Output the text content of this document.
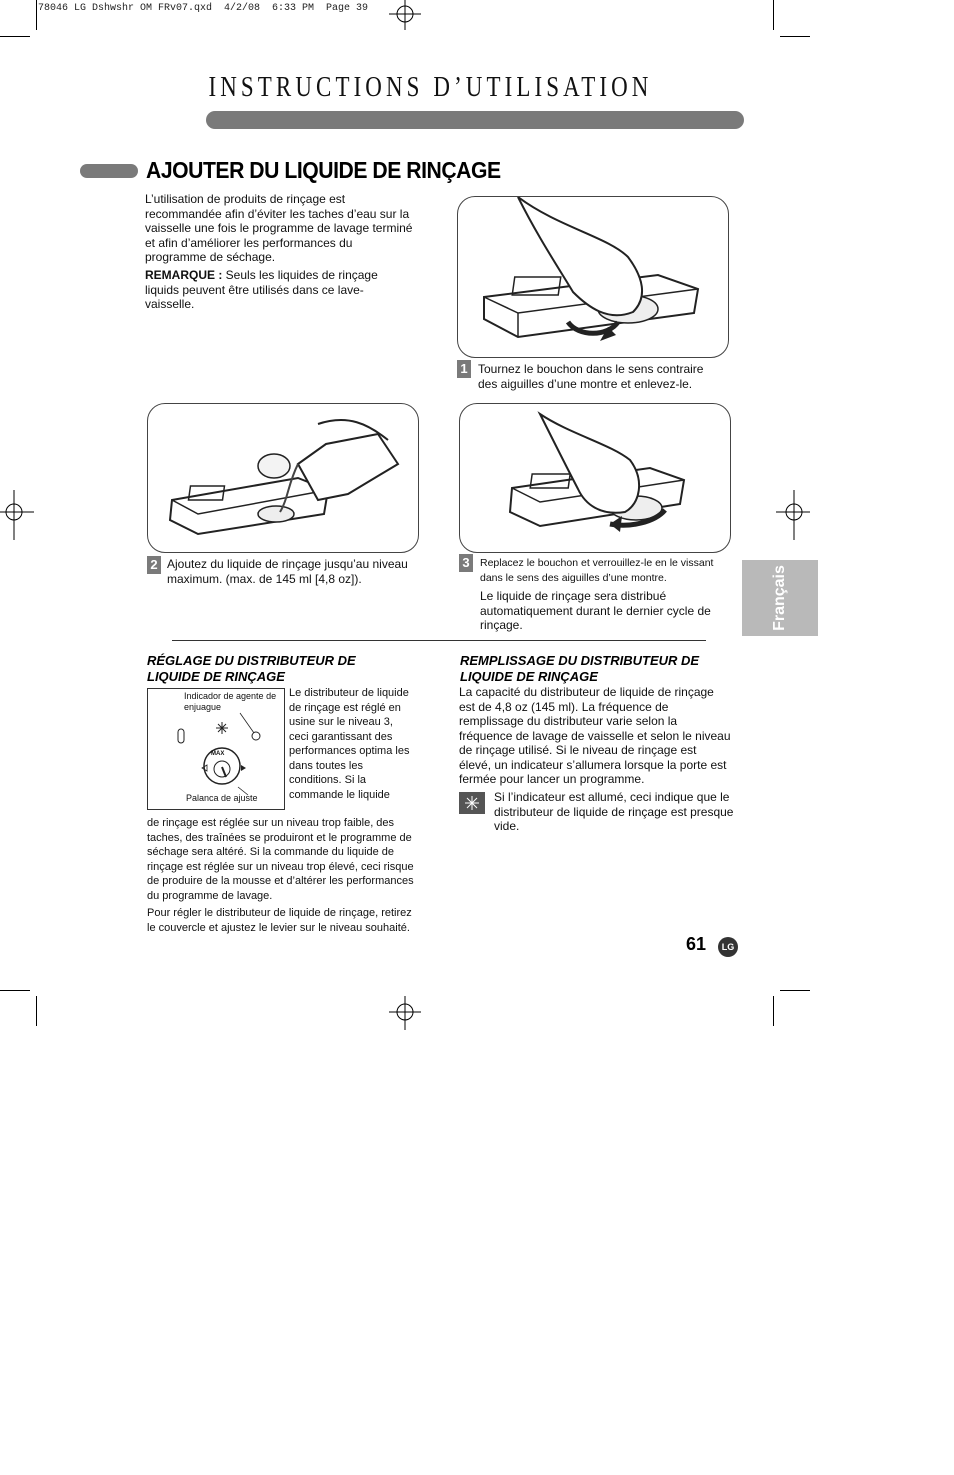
78046 LG Dshwshr OM FRv07.qxd  4/2/08  6:33 PM  Page 39
INSTRUCTIONS D’UTILISATION
AJOUTER DU LIQUIDE DE RINÇAGE
L’utilisation de produits de rinçage est recommandée afin d’éviter les taches d’eau sur la vaisselle une fois le programme de lavage terminé et afin d’améliorer les performances du programme de séchage.
REMARQUE : Seuls les liquides de rinçage liquids peuvent être utilisés dans ce lave-vaisselle.
1 Tournez le bouchon dans le sens contraire des aiguilles d’une montre et enlevez-le.
2 Ajoutez du liquide de rinçage jusqu’au niveau maximum. (max. de 145 ml [4,8 oz]).
3 Replacez le bouchon et verrouillez-le en le vissant dans le sens des aiguilles d’une montre.
Le liquide de rinçage sera distribué automatiquement durant le dernier cycle de rinçage.	Français
RÉGLAGE DU DISTRIBUTEUR DE LIQUIDE DE RINÇAGE
Indicador de agente de enjuague
MAX
Palanca de ajuste
Le distributeur de liquide de rinçage est réglé en usine sur le niveau 3, ceci garantissant des performances optima les dans toutes les conditions. Si la commande le liquide
de rinçage est réglée sur un niveau trop faible, des taches, des traînées se produiront et le programme de séchage sera altéré. Si la commande du liquide de rinçage est réglée sur un niveau trop élevé, ceci risque de produire de la mousse et d’altérer les performances du programme de lavage.
Pour régler le distributeur de liquide de rinçage, retirez le couvercle et ajustez le levier sur le niveau souhaité.
REMPLISSAGE DU DISTRIBUTEUR DE LIQUIDE DE RINÇAGE
La capacité du distributeur de liquide de rinçage est de 4,8 oz (145 ml). La fréquence de remplissage du distributeur varie selon la fréquence de lavage de vaisselle et selon le niveau de rinçage utilisé. Si le niveau de rinçage est élevé, un indicateur s’allumera lorsque la porte est fermée pour lancer un programme.
Si l’indicateur est allumé, ceci indique que le distributeur de liquide de rinçage est presque vide.
61	LG
